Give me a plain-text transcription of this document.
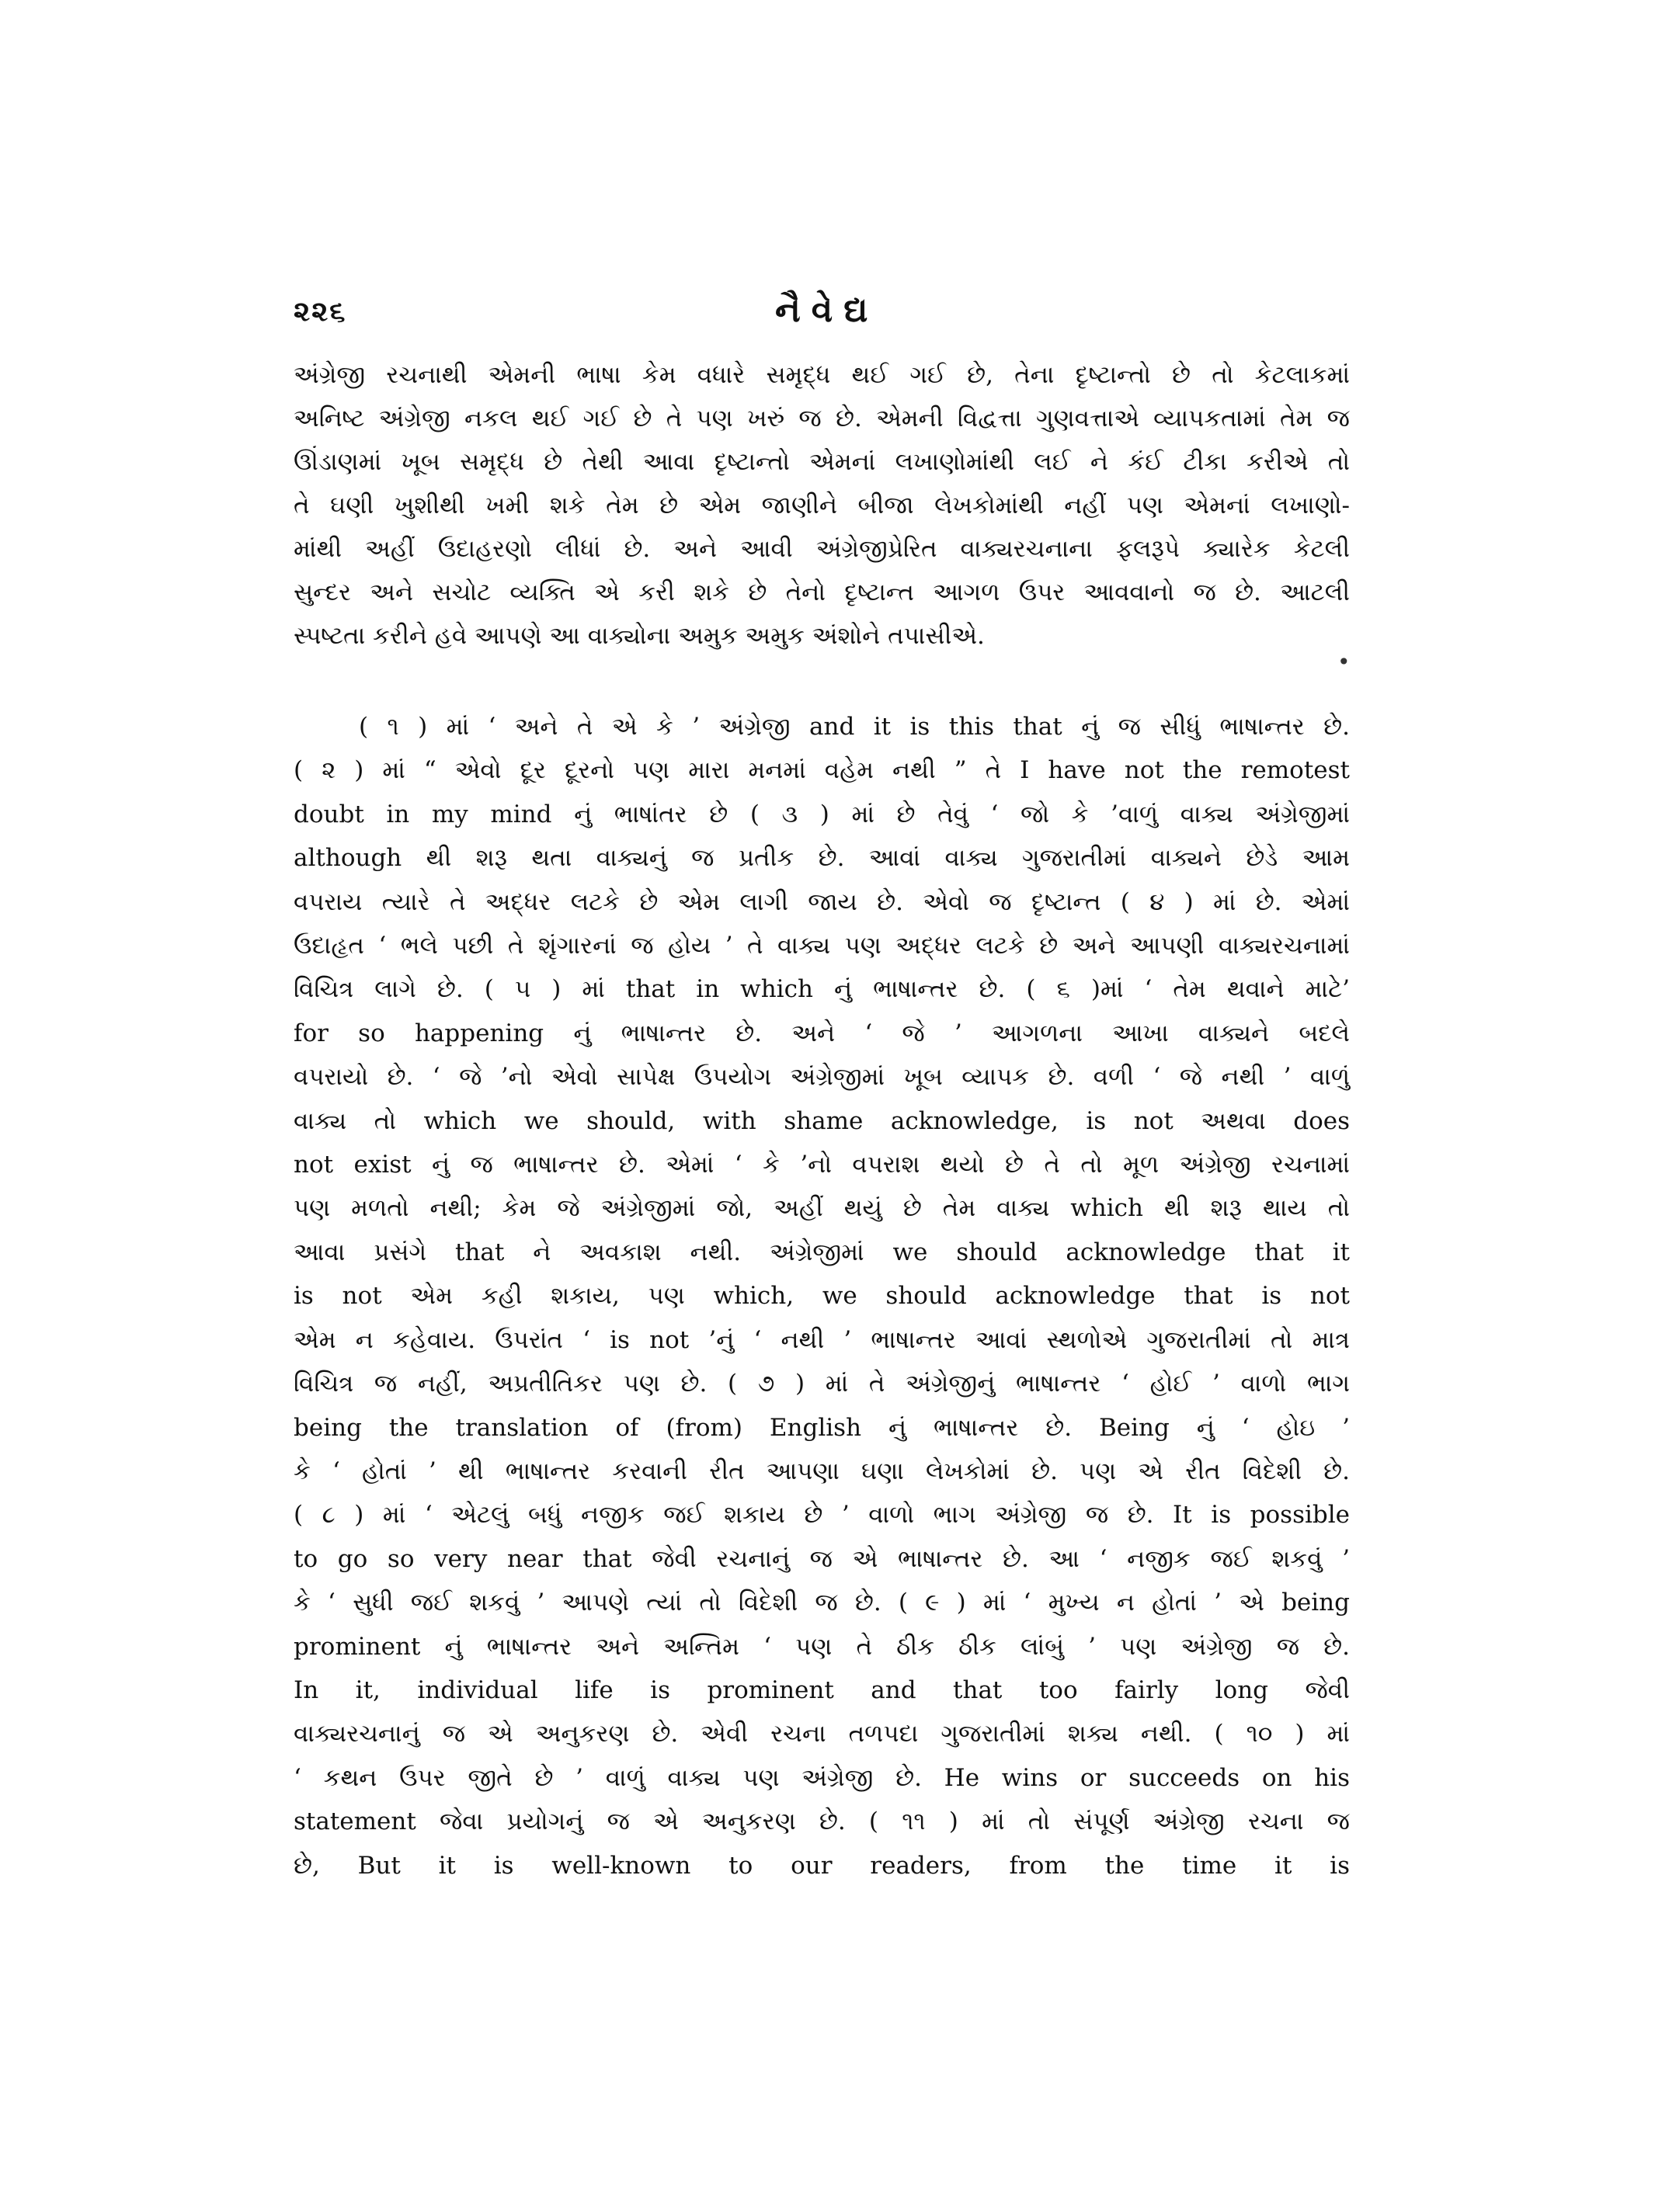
૨૨૬	નૈવેદ્ય

અંગ્રેજી રચનાથી એમની ભાષા કેમ વધારે સમૃદ્ધ થઈ ગઈ છે, તેના દૃષ્ટાન્તો છે તો કેટલાકમાં
અનિષ્ટ અંગ્રેજી નકલ થઈ ગઈ છે તે પણ ખરું જ છે. એમની વિદ્વત્તા ગુણવત્તાએ વ્યાપકતામાં તેમ જ
ઊંડાણમાં ખૂબ સમૃદ્ધ છે તેથી આવા દૃષ્ટાન્તો એમનાં લખાણોમાંથી લઈ ને કંઈ ટીકા કરીએ તો
તે ઘણી ખુશીથી ખમી શકે તેમ છે એમ જાણીને બીજા લેખકોમાંથી નહીં પણ એમનાં લખાણો-
માંથી અહીં ઉદાહરણો લીધાં છે. અને આવી અંગ્રેજીપ્રેરિત વાક્યરચનાના ફલરૂપે ક્યારેક કેટલી
સુન્દર અને સચોટ વ્યક્તિ એ કરી શકે છે તેનો દૃષ્ટાન્ત આગળ ઉપર આવવાનો જ છે. આટલી
સ્પષ્ટતા કરીને હવે આપણે આ વાક્યોના અમુક અમુક અંશોને તપાસીએ.

( ૧ ) માં ‘ અને તે એ કે ’ અંગ્રેજી and it is this that નું જ સીધું ભાષાન્તર છે.
( ૨ ) માં “ એવો દૂર દૂરનો પણ મારા મનમાં વહેમ નથી ” તે I have not the remotest
doubt in my mind નું ભાષાંતર છે ( ૩ ) માં છે તેવું ‘ જો કે ’વાળું વાક્ય અંગ્રેજીમાં
although થી શરૂ થતા વાક્યનું જ પ્રતીક છે. આવાં વાક્ય ગુજરાતીમાં વાક્યને છેડે આમ
વપરાય ત્યારે તે અદ્ધર લટકે છે એમ લાગી જાય છે. એવો જ દૃષ્ટાન્ત ( ૪ ) માં છે. એમાં
ઉદાહૃત ‘ ભલે પછી તે શૃંગારનાં જ હોય ’ તે વાક્ય પણ અદ્ધર લટકે છે અને આપણી વાક્યરચનામાં
વિચિત્ર લાગે છે. ( ૫ ) માં that in which નું ભાષાન્તર છે. ( ૬ )માં ‘ તેમ થવાને માટે’
for so happening નું ભાષાન્તર છે. અને ‘ જે ’ આગળના આખા વાક્યને બદલે
વપરાયો છે. ‘ જે ’નો એવો સાપેક્ષ ઉપયોગ અંગ્રેજીમાં ખૂબ વ્યાપક છે. વળી ‘ જે નથી ’ વાળું
વાક્ય તો which we should, with shame acknowledge, is not અથવા does
not exist નું જ ભાષાન્તર છે. એમાં ‘ કે ’નો વપરાશ થયો છે તે તો મૂળ અંગ્રેજી રચનામાં
પણ મળતો નથી; કેમ જે અંગ્રેજીમાં જો, અહીં થયું છે તેમ વાક્ય which થી શરૂ થાય તો
આવા પ્રસંગે that ને અવકાશ નથી. અંગ્રેજીમાં we should acknowledge that it
is not એમ કહી શકાય, પણ which, we should acknowledge that is not
એમ ન કહેવાય. ઉપરાંત ‘ is not ’નું ‘ નથી ’ ભાષાન્તર આવાં સ્થળોએ ગુજરાતીમાં તો માત્ર
વિચિત્ર જ નહીં, અપ્રતીતિકર પણ છે. ( ૭ ) માં તે અંગ્રેજીનું ભાષાન્તર ‘ હોઈ ’ વાળો ભાગ
being the translation of (from) English નું ભાષાન્તર છે. Being નું ‘ હોઇ ’
કે ‘ હોતાં ’ થી ભાષાન્તર કરવાની રીત આપણા ઘણા લેખકોમાં છે. પણ એ રીત વિદેશી છે.
( ૮ ) માં ‘ એટલું બધું નજીક જઈ શકાય છે ’ વાળો ભાગ અંગ્રેજી જ છે. It is possible
to go so very near that જેવી રચનાનું જ એ ભાષાન્તર છે. આ ‘ નજીક જઈ શકવું ’
કે ‘ સુધી જઈ શકવું ’ આપણે ત્યાં તો વિદેશી જ છે. ( ૯ ) માં ‘ મુખ્ય ન હોતાં ’ એ being
prominent નું ભાષાન્તર અને અન્તિમ ‘ પણ તે ઠીક ઠીક લાંબું ’ પણ અંગ્રેજી જ છે.
In it, individual life is prominent and that too fairly long જેવી
વાક્યરચનાનું જ એ અનુકરણ છે. એવી રચના તળપદા ગુજરાતીમાં શક્ય નથી. ( ૧૦ ) માં
‘ કથન ઉપર જીતે છે ’ વાળું વાક્ય પણ અંગ્રેજી છે. He wins or succeeds on his
statement જેવા પ્રયોગનું જ એ અનુકરણ છે. ( ૧૧ ) માં તો સંપૂર્ણ અંગ્રેજી રચના જ
છે, But it is well-known to our readers, from the time it is

•
